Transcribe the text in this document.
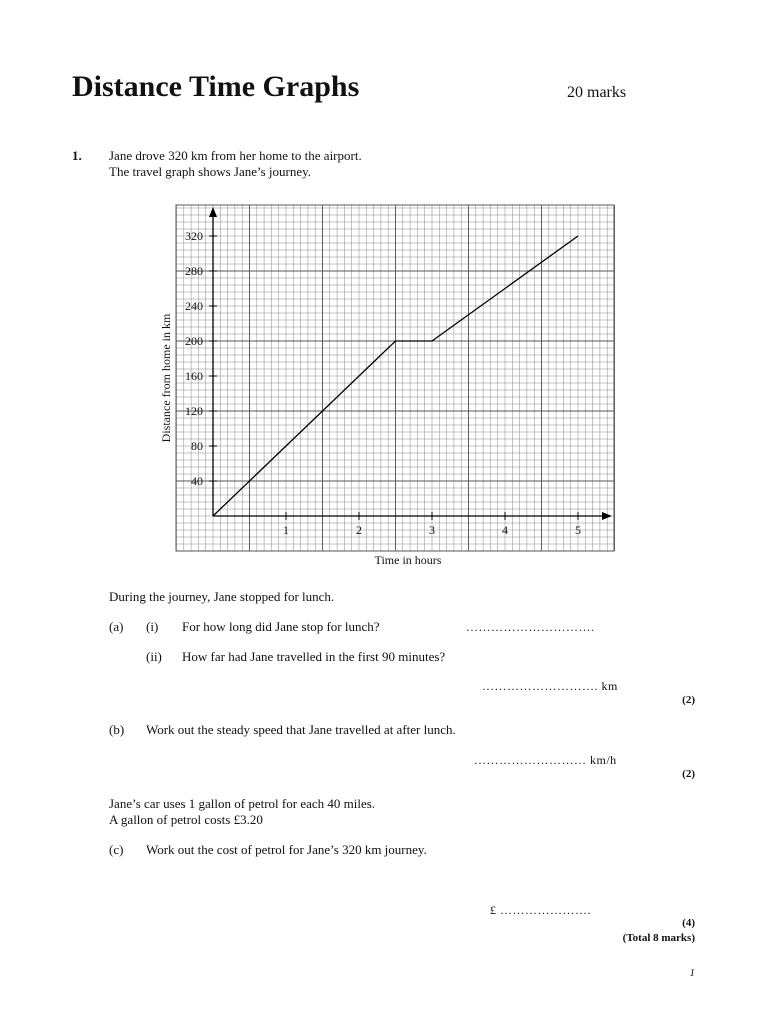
Distance Time Graphs	20 marks
1. Jane drove 320 km from her home to the airport.
The travel graph shows Jane’s journey.
1	2	3	4	5
40
80
120
160
200
240
280
320
Time in hours
Distance from home in km
During the journey, Jane stopped for lunch.
(a) (i) For how long did Jane stop for lunch?	………………………….
(ii) How far had Jane travelled in the first 90 minutes?
………………………. km
(2)
(b) Work out the steady speed that Jane travelled at after lunch.
……………………… km/h
(2)
Jane’s car uses 1 gallon of petrol for each 40 miles.
A gallon of petrol costs £3.20
(c) Work out the cost of petrol for Jane’s 320 km journey.
£ ………………….
(4)
(Total 8 marks)
1
